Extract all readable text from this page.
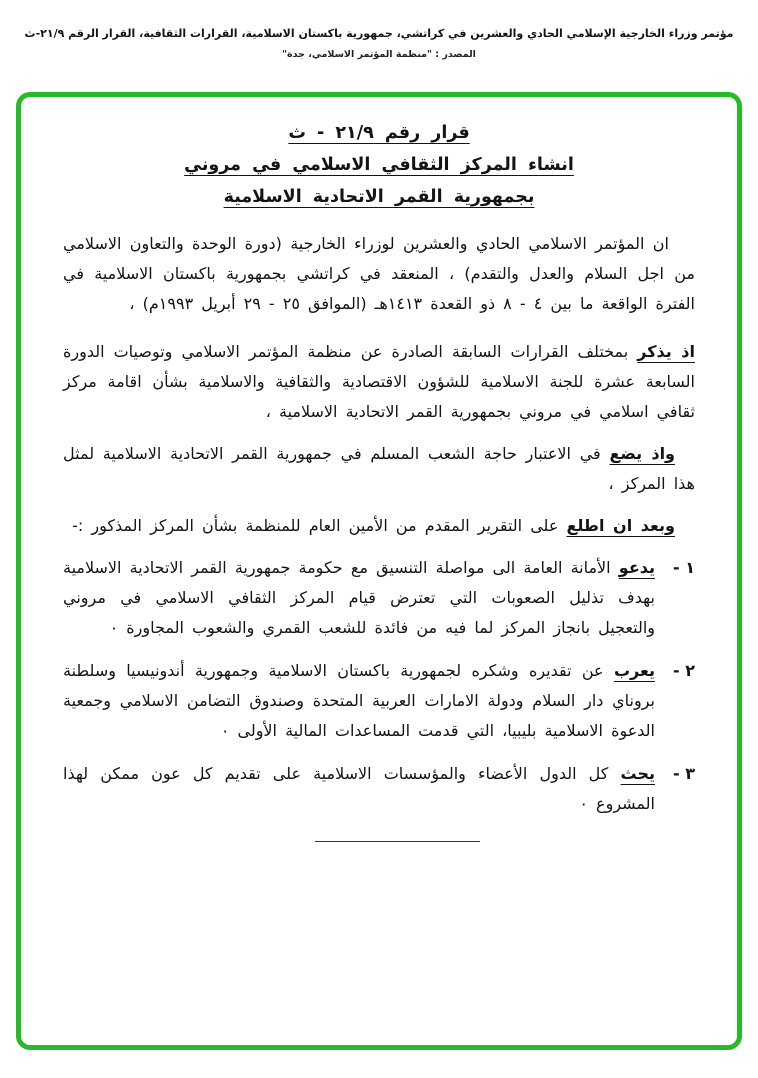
مؤتمر وزراء الخارجية الإسلامي الحادي والعشرين في كراتشي، جمهورية باكستان الاسلامية، القرارات الثقافية، القرار الرقم ٢١/٩-ث
المصدر : "منظمة المؤتمر الاسلامي، جدة"
قرار رقم ٢١/٩ - ث
انشاء المركز الثقافي الاسلامي في مروني
بجمهورية القمر الاتحادية الاسلامية

ان المؤتمر الاسلامي الحادي والعشرين لوزراء الخارجية (دورة الوحدة والتعاون الاسلامي من اجل السلام والعدل والتقدم) ، المنعقد في كراتشي بجمهورية باكستان الاسلامية في الفترة الواقعة ما بين ٤ - ٨ ذو القعدة ١٤١٣هـ (الموافق ٢٥ - ٢٩ أبريل ١٩٩٣م) ،

اذ يذكر بمختلف القرارات السابقة الصادرة عن منظمة المؤتمر الاسلامي وتوصيات الدورة السابعة عشرة للجنة الاسلامية للشؤون الاقتصادية والثقافية والاسلامية بشأن اقامة مركز ثقافي اسلامي في مروني بجمهورية القمر الاتحادية الاسلامية ،

واذ يضع في الاعتبار حاجة الشعب المسلم في جمهورية القمر الاتحادية الاسلامية لمثل هذا المركز ،

وبعد ان اطلع على التقرير المقدم من الأمين العام للمنظمة بشأن المركز المذكور :-

١ -
يدعو الأمانة العامة الى مواصلة التنسيق مع حكومة جمهورية القمر الاتحادية الاسلامية بهدف تذليل الصعوبات التي تعترض قيام المركز الثقافي الاسلامي في مروني والتعجيل بانجاز المركز لما فيه من فائدة للشعب القمري والشعوب المجاورة ٠
٢ -
يعرب عن تقديره وشكره لجمهورية باكستان الاسلامية وجمهورية أندونيسيا وسلطنة بروناي دار السلام ودولة الامارات العربية المتحدة وصندوق التضامن الاسلامي وجمعية الدعوة الاسلامية بليبيا، التي قدمت المساعدات المالية الأولى ٠
٣ -
يحث كل الدول الأعضاء والمؤسسات الاسلامية على تقديم كل عون ممكن لهذا المشروع ٠
